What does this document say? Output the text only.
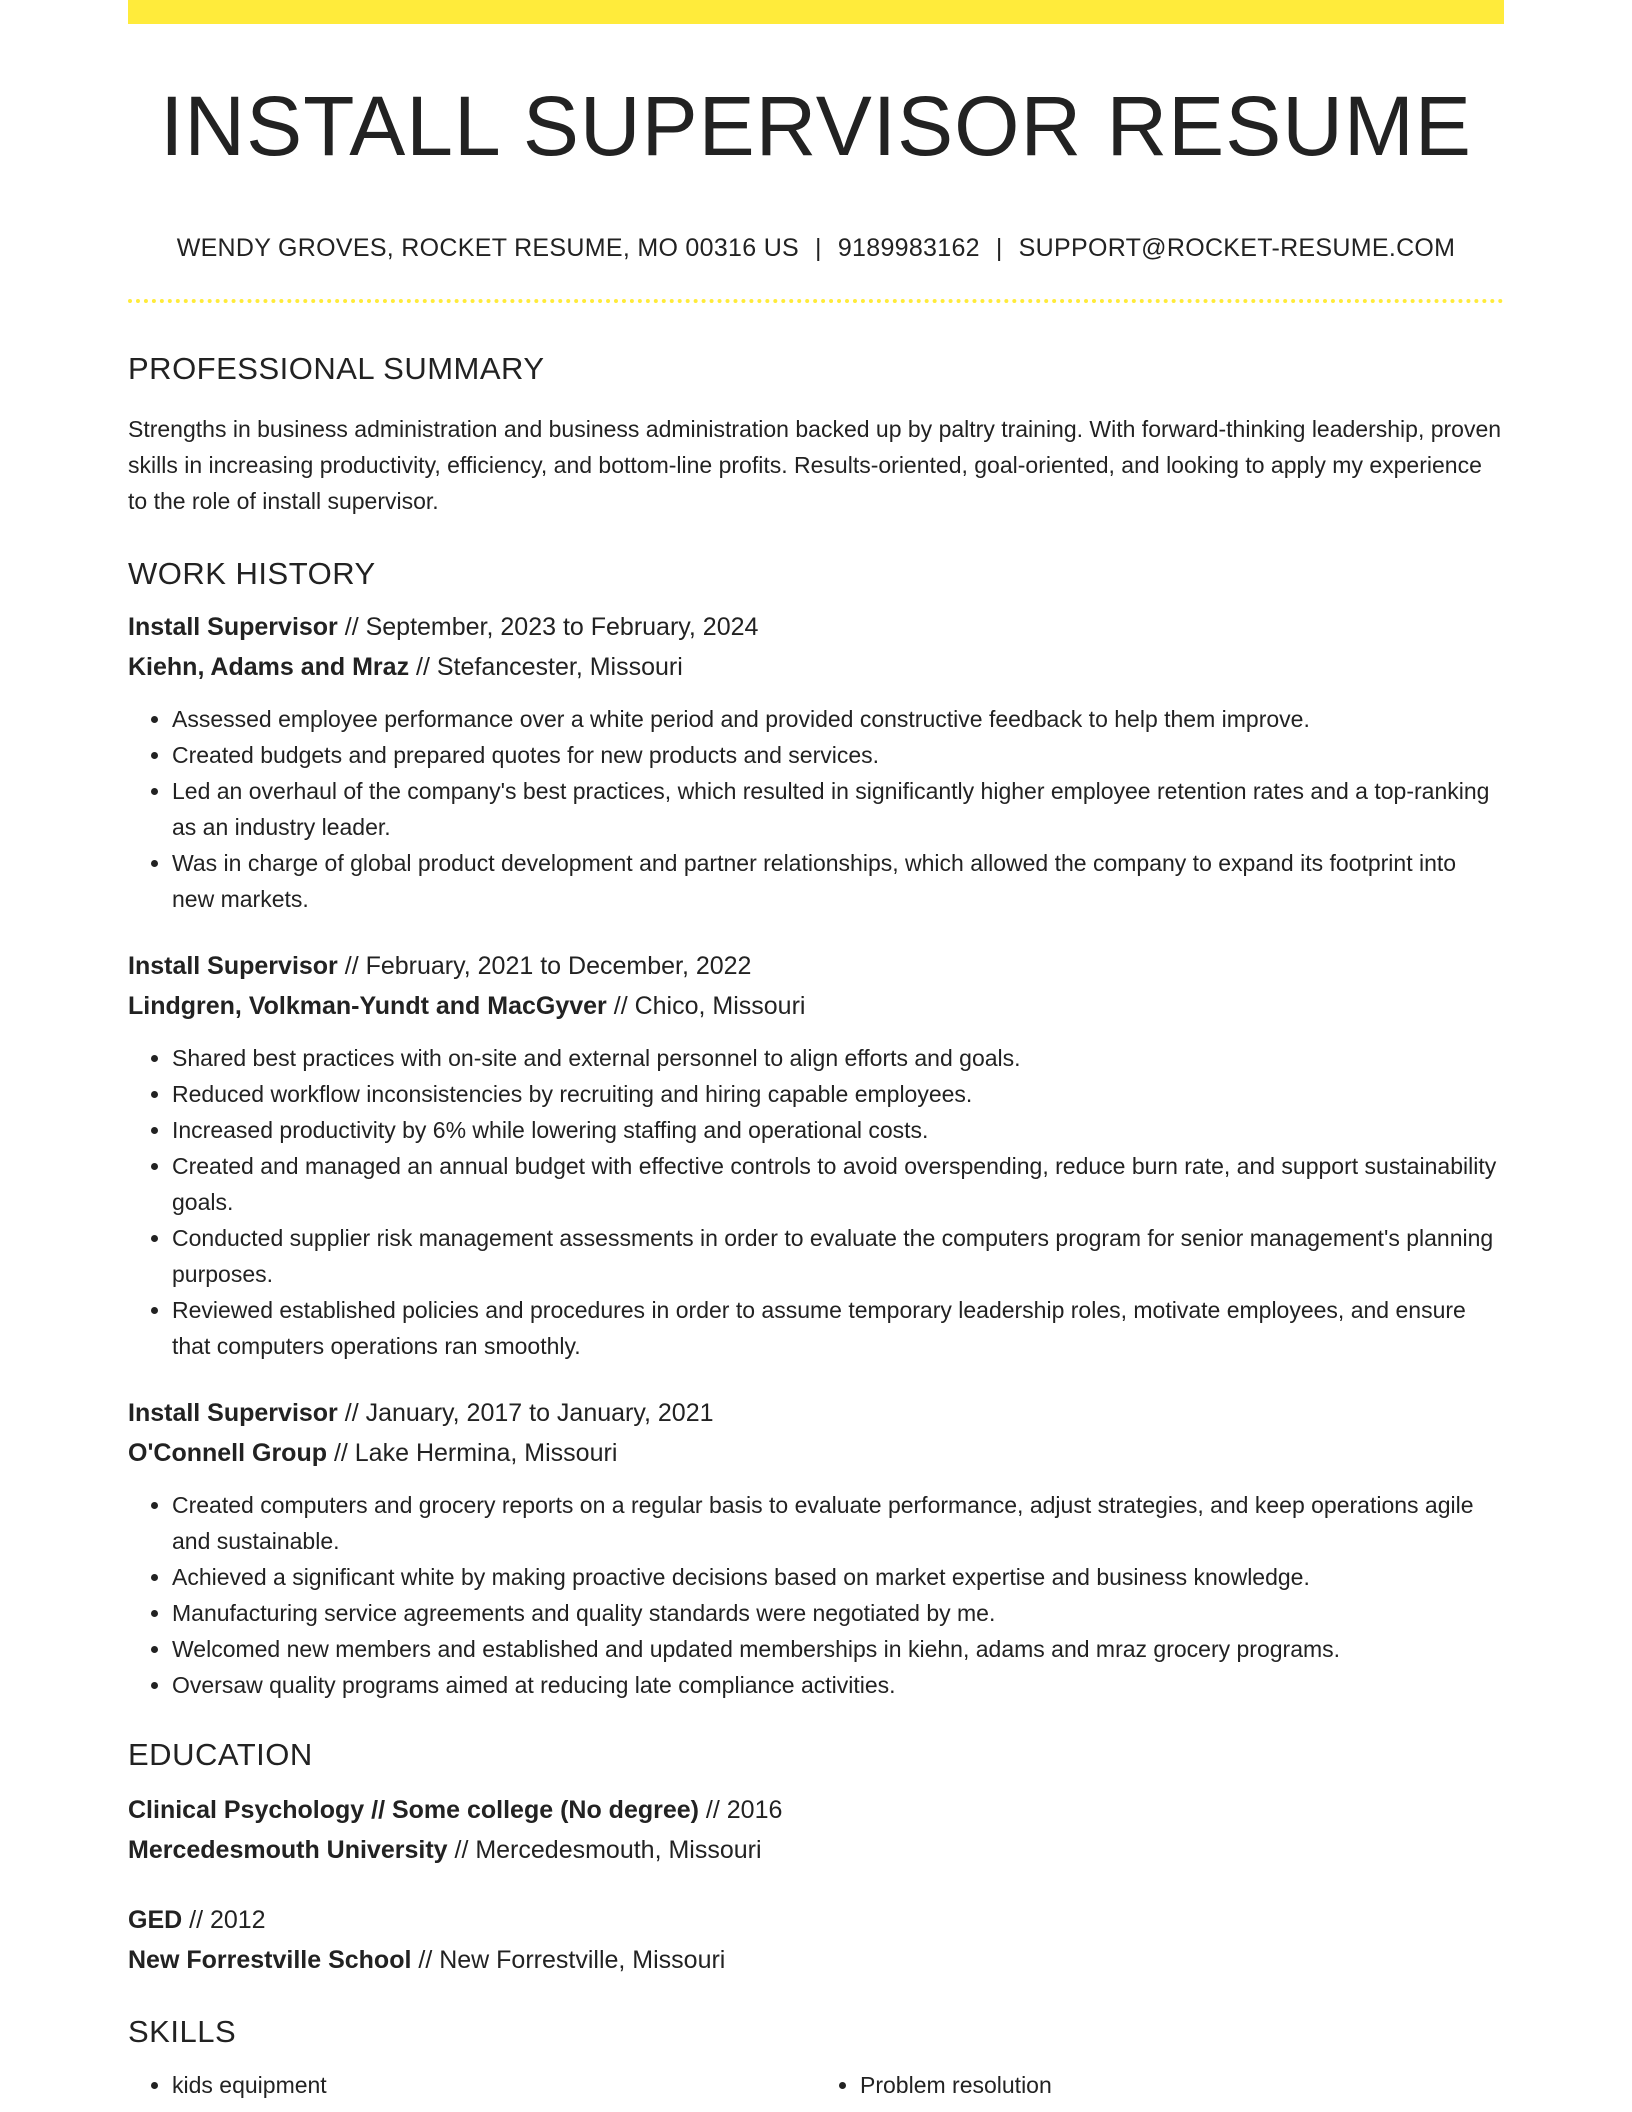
INSTALL SUPERVISOR RESUME
WENDY GROVES, ROCKET RESUME, MO 00316 US | 9189983162 | SUPPORT@ROCKET-RESUME.COM
PROFESSIONAL SUMMARY

Strengths in business administration and business administration backed up by paltry training. With forward-thinking leadership, proven skills in increasing productivity, efficiency, and bottom-line profits. Results-oriented, goal-oriented, and looking to apply my experience to the role of install supervisor.

WORK HISTORY
Install Supervisor // September, 2023 to February, 2024
Kiehn, Adams and Mraz // Stefancester, Missouri
• Assessed employee performance over a white period and provided constructive feedback to help them improve.
• Created budgets and prepared quotes for new products and services.
• Led an overhaul of the company's best practices, which resulted in significantly higher employee retention rates and a top-ranking as an industry leader.
• Was in charge of global product development and partner relationships, which allowed the company to expand its footprint into new markets.
Install Supervisor // February, 2021 to December, 2022
Lindgren, Volkman-Yundt and MacGyver // Chico, Missouri
• Shared best practices with on-site and external personnel to align efforts and goals.
• Reduced workflow inconsistencies by recruiting and hiring capable employees.
• Increased productivity by 6% while lowering staffing and operational costs.
• Created and managed an annual budget with effective controls to avoid overspending, reduce burn rate, and support sustainability goals.
• Conducted supplier risk management assessments in order to evaluate the computers program for senior management's planning purposes.
• Reviewed established policies and procedures in order to assume temporary leadership roles, motivate employees, and ensure that computers operations ran smoothly.
Install Supervisor // January, 2017 to January, 2021
O'Connell Group // Lake Hermina, Missouri
• Created computers and grocery reports on a regular basis to evaluate performance, adjust strategies, and keep operations agile and sustainable.
• Achieved a significant white by making proactive decisions based on market expertise and business knowledge.
• Manufacturing service agreements and quality standards were negotiated by me.
• Welcomed new members and established and updated memberships in kiehn, adams and mraz grocery programs.
• Oversaw quality programs aimed at reducing late compliance activities.
EDUCATION
Clinical Psychology // Some college (No degree) // 2016
Mercedesmouth University // Mercedesmouth, Missouri
GED // 2012
New Forrestville School // New Forrestville, Missouri
SKILLS
• kids equipment
•	Problem resolution
